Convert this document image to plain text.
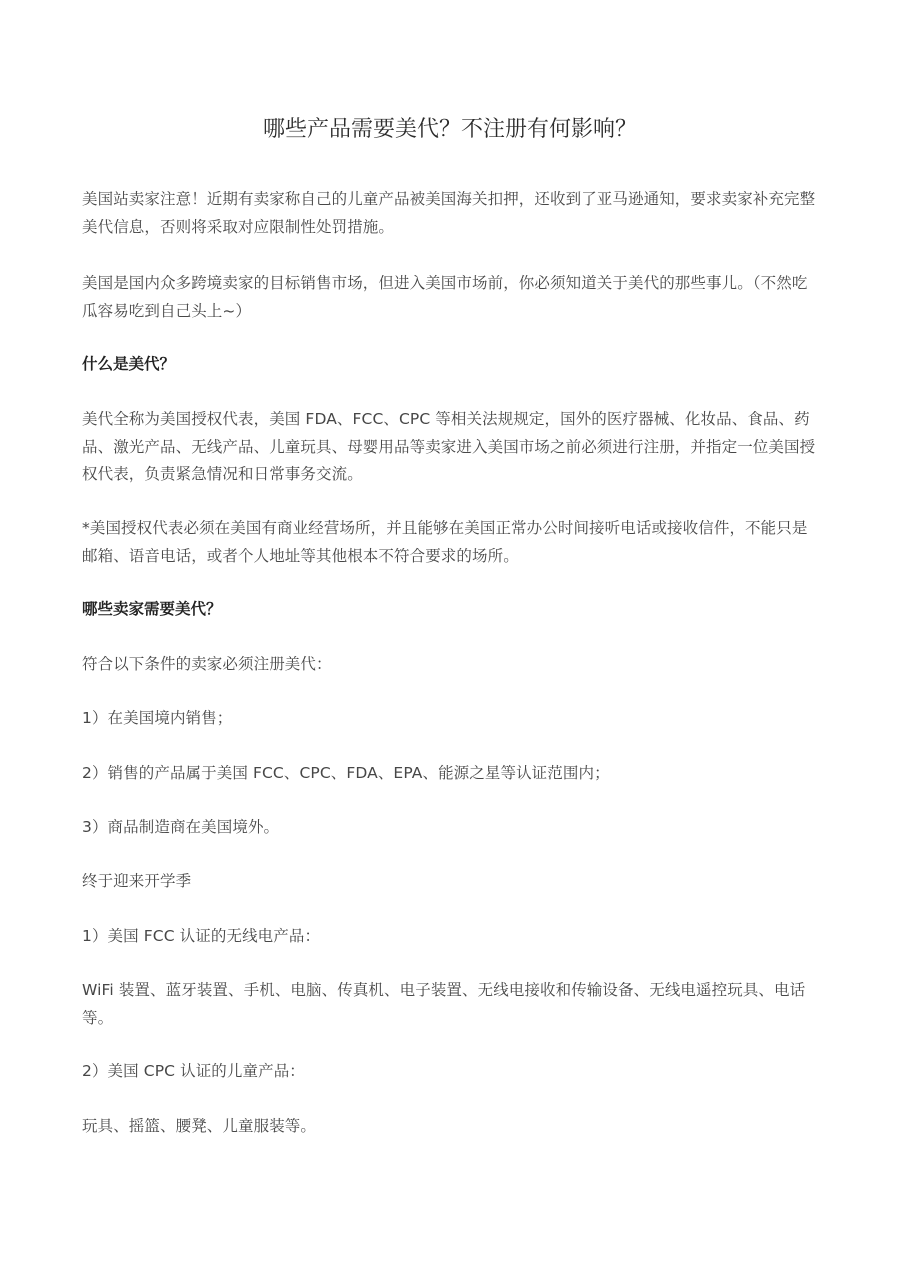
哪些产品需要美代？不注册有何影响？

美国站卖家注意！近期有卖家称自己的儿童产品被美国海关扣押，还收到了亚马逊通知，要求卖家补充完整美代信息，否则将采取对应限制性处罚措施。

美国是国内众多跨境卖家的目标销售市场，但进入美国市场前，你必须知道关于美代的那些事儿。（不然吃瓜容易吃到自己头上~）

什么是美代？

美代全称为美国授权代表，美国 FDA、FCC、CPC 等相关法规规定，国外的医疗器械、化妆品、食品、药品、激光产品、无线产品、儿童玩具、母婴用品等卖家进入美国市场之前必须进行注册，并指定一位美国授权代表，负责紧急情况和日常事务交流。

*美国授权代表必须在美国有商业经营场所，并且能够在美国正常办公时间接听电话或接收信件，不能只是邮箱、语音电话，或者个人地址等其他根本不符合要求的场所。

哪些卖家需要美代？

符合以下条件的卖家必须注册美代：

1）在美国境内销售；

2）销售的产品属于美国 FCC、CPC、FDA、EPA、能源之星等认证范围内；

3）商品制造商在美国境外。

终于迎来开学季

1）美国 FCC 认证的无线电产品：

WiFi 装置、蓝牙装置、手机、电脑、传真机、电子装置、无线电接收和传输设备、无线电遥控玩具、电话等。

2）美国 CPC 认证的儿童产品：

玩具、摇篮、腰凳、儿童服装等。
